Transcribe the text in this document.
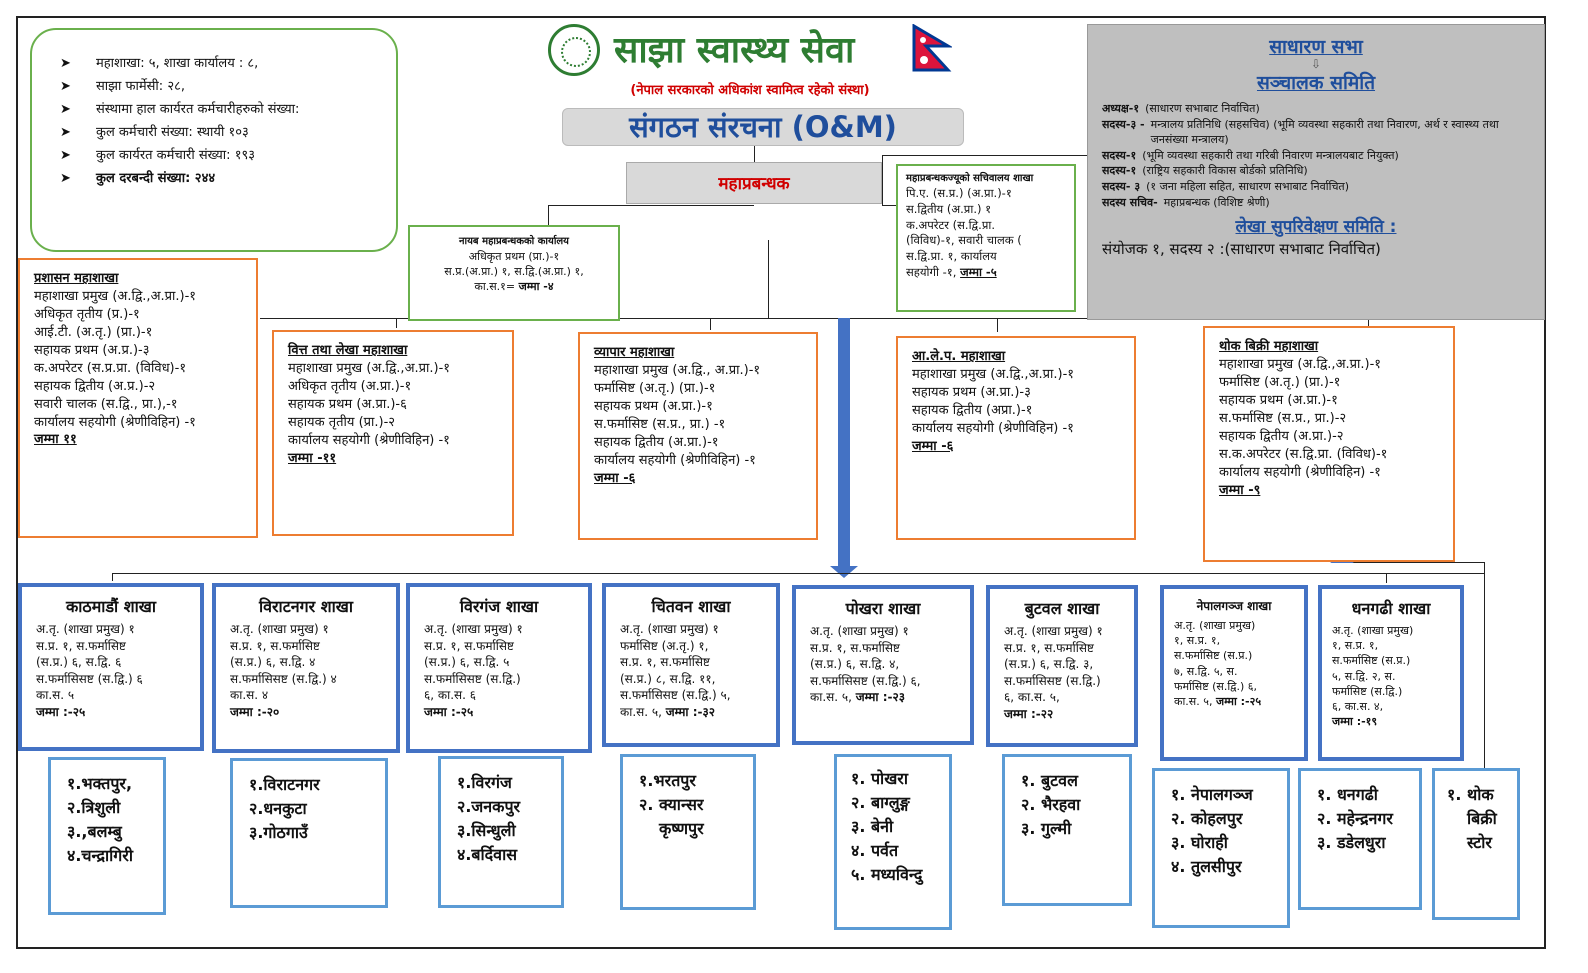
➤ महाशाखा: ५, शाखा कार्यालय : ८,
➤ साझा फार्मेसी: २८,
➤ संस्थामा हाल कार्यरत कर्मचारीहरुको संख्या:
➤ कुल कर्मचारी संख्या: स्थायी १०३
➤ कुल कार्यरत कर्मचारी संख्या: १९३
➤ कुल दरबन्दी संख्या: २४४
साझा स्वास्थ्य सेवा
(नेपाल सरकारको अधिकांश स्वामित्व रहेको संस्था)
संगठन संरचना (O&M)
महाप्रबन्धक	महाप्रबन्धकज्यूको सचिवालय शाखा
पि.ए. (स.प्र.) (अ.प्रा.)-१
स.द्वितीय (अ.प्रा.) १
क.अपरेटर (स.द्वि.प्रा.
(विविध)-१, सवारी चालक (
स.द्वि.प्रा. १, कार्यालय
सहयोगी -१, जम्मा -५
नायब महाप्रबन्धकको कार्यालय
अधिकृत प्रथम (प्रा.)-१
स.प्र.(अ.प्रा.) १, स.द्वि.(अ.प्रा.) १,
का.स.१= जम्मा -४
साधारण सभा
⇩
सञ्चालक समिति
अध्यक्ष-१ (साधारण सभाबाट निर्वाचित)
सदस्य-३ - मन्त्रालय प्रतिनिधि (सहसचिव) (भूमि व्यवस्था सहकारी तथा निवारण, अर्थ र स्वास्थ्य तथा जनसंख्या मन्त्रालय)
सदस्य-१ (भूमि व्यवस्था सहकारी तथा गरिबी निवारण मन्त्रालयबाट नियुक्त)
सदस्य-१ (राष्ट्रिय सहकारी विकास बोर्डको प्रतिनिधि)
सदस्य- ३ (१ जना महिला सहित, साधारण सभाबाट निर्वाचित)
सदस्य सचिव- महाप्रबन्धक (विशिष्ट श्रेणी)
लेखा सुपरिवेक्षण समिति :
संयोजक १, सदस्य २ :(साधारण सभाबाट निर्वाचित)
प्रशासन महाशाखा
महाशाखा प्रमुख (अ.द्वि.,अ.प्रा.)-१
अधिकृत तृतीय (प्र.)-१
आई.टी. (अ.तृ.) (प्रा.)-१
सहायक प्रथम (अ.प्र.)-३
क.अपरेटर (स.प्र.प्रा. (विविध)-१
सहायक द्वितीय (अ.प्र.)-२
सवारी चालक (स.द्वि., प्रा.),-१
कार्यालय सहयोगी (श्रेणीविहिन) -१
जम्मा ११
वित्त तथा लेखा महाशाखा
महाशाखा प्रमुख (अ.द्वि.,अ.प्रा.)-१
अधिकृत तृतीय (अ.प्रा.)-१
सहायक प्रथम (अ.प्रा.)-६
सहायक तृतीय (प्रा.)-२
कार्यालय सहयोगी (श्रेणीविहिन) -१
जम्मा -११
व्यापार महाशाखा
महाशाखा प्रमुख (अ.द्वि., अ.प्रा.)-१
फर्मासिष्ट (अ.तृ.) (प्रा.)-१
सहायक प्रथम (अ.प्रा.)-१
स.फर्मासिष्ट (स.प्र., प्रा.) -१
सहायक द्वितीय (अ.प्रा.)-१
कार्यालय सहयोगी (श्रेणीविहिन) -१
जम्मा -६
आ.ले.प. महाशाखा
महाशाखा प्रमुख (अ.द्वि.,अ.प्रा.)-१
सहायक प्रथम (अ.प्रा.)-३
सहायक द्वितीय (अप्रा.)-१
कार्यालय सहयोगी (श्रेणीविहिन) -१
जम्मा -६
थोक बिक्री महाशाखा
महाशाखा प्रमुख (अ.द्वि.,अ.प्रा.)-१
फर्मासिष्ट (अ.तृ.) (प्रा.)-१
सहायक प्रथम (अ.प्रा.)-१
स.फर्मासिष्ट (स.प्र., प्रा.)-२
सहायक द्वितीय (अ.प्रा.)-२
स.क.अपरेटर (स.द्वि.प्रा. (विविध)-१
कार्यालय सहयोगी (श्रेणीविहिन) -१
जम्मा -९
काठमाडौं शाखा
अ.तृ. (शाखा प्रमुख) १
स.प्र. १, स.फर्मासिष्ट
(स.प्र.) ६, स.द्वि. ६
स.फर्मासिसष्ट (स.द्वि.) ६
का.स. ५
जम्मा :-२५
विराटनगर शाखा
अ.तृ. (शाखा प्रमुख) १
स.प्र. १, स.फर्मासिष्ट
(स.प्र.) ६, स.द्वि. ४
स.फर्मासिसष्ट (स.द्वि.) ४
का.स. ४
जम्मा :-२०
विरगंज शाखा
अ.तृ. (शाखा प्रमुख) १
स.प्र. १, स.फर्मासिष्ट
(स.प्र.) ६, स.द्वि. ५
स.फर्मासिसष्ट (स.द्वि.)
६, का.स. ६
जम्मा :-२५
चितवन शाखा
अ.तृ. (शाखा प्रमुख) १
फर्मासिष्ट (अ.तृ.) १,
स.प्र. १, स.फर्मासिष्ट
(स.प्र.) ८, स.द्वि. ११,
स.फर्मासिसष्ट (स.द्वि.) ५,
का.स. ५, जम्मा :-३२
पोखरा शाखा
अ.तृ. (शाखा प्रमुख) १
स.प्र. १, स.फर्मासिष्ट
(स.प्र.) ६, स.द्वि. ४,
स.फर्मासिसष्ट (स.द्वि.) ६,
का.स. ५, जम्मा :-२३
बुटवल शाखा
अ.तृ. (शाखा प्रमुख) १
स.प्र. १, स.फर्मासिष्ट
(स.प्र.) ६, स.द्वि. ३,
स.फर्मासिसष्ट (स.द्वि.)
६, का.स. ५,
जम्मा :-२२
नेपालगञ्ज शाखा
अ.तृ. (शाखा प्रमुख)
१, स.प्र. १,
स.फर्मासिष्ट (स.प्र.)
७, स.द्वि. ५, स.
फर्मासिष्ट (स.द्वि.) ६,
का.स. ५, जम्मा :-२५
धनगढी शाखा
अ.तृ. (शाखा प्रमुख)
१, स.प्र. १,
स.फर्मासिष्ट (स.प्र.)
५, स.द्वि. २, स.
फर्मासिष्ट (स.द्वि.)
६, का.स. ४,
जम्मा :-१९
१.भक्तपुर,
२.त्रिशुली
३.,बलम्बु
४.चन्द्रागिरी
१.विराटनगर
२.धनकुटा
३.गोठगाउँ
१.विरगंज
२.जनकपुर
३.सिन्धुली
४.बर्दिवास
१.भरतपुर
२. क्यान्सर
कृष्णपुर
१. पोखरा
२. बाग्लुङ्ग
३. बेनी
४. पर्वत
५. मध्यविन्दु
१. बुटवल
२. भैरहवा
३. गुल्मी
१. नेपालगञ्ज
२. कोहलपुर
३. घोराही
४. तुलसीपुर
१. धनगढी
२. महेन्द्रनगर
३. डडेलधुरा
१. थोक
बिक्री
स्टोर
